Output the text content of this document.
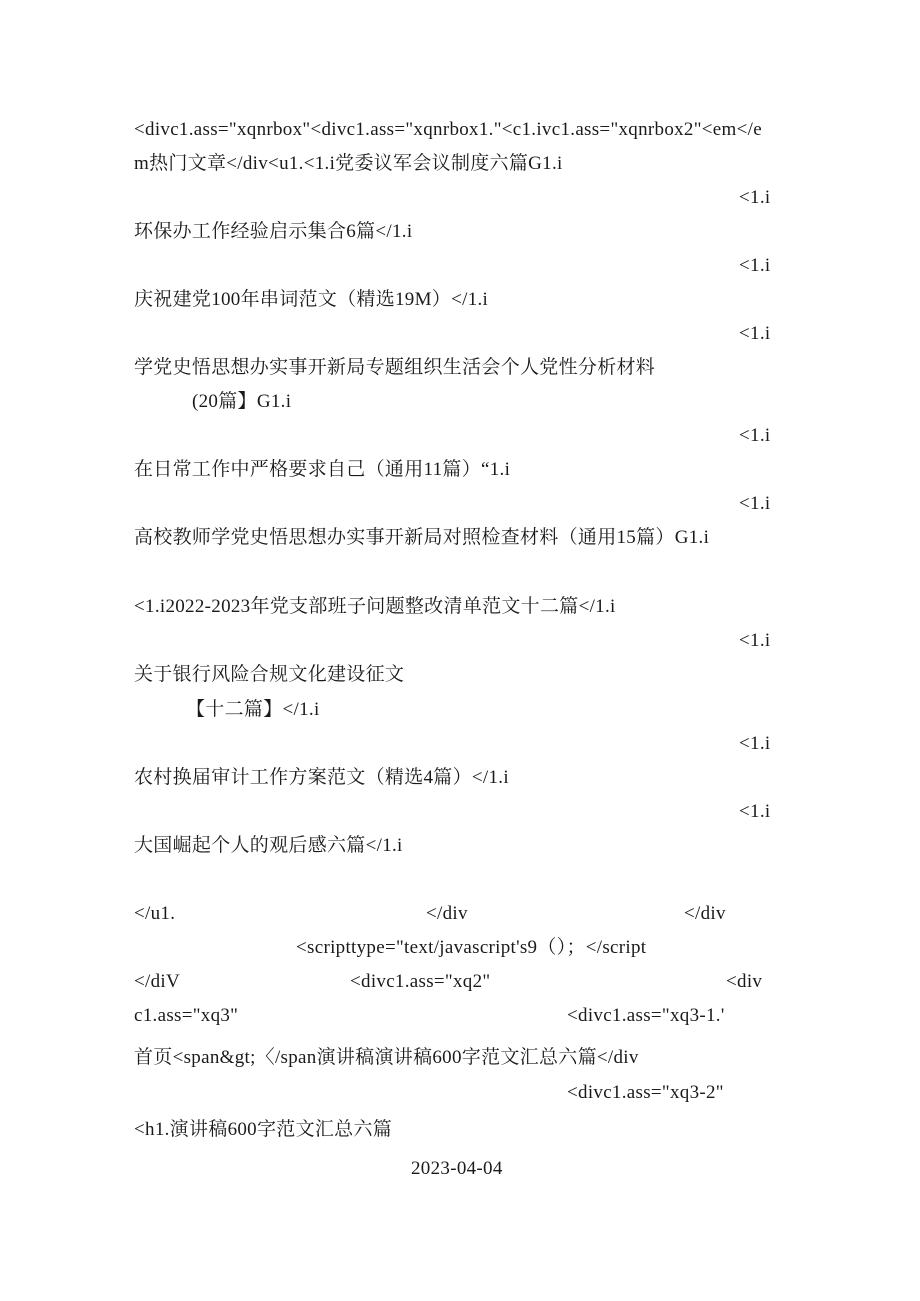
<divc1.ass="xqnrbox"<divc1.ass="xqnrbox1."<c1.ivc1.ass="xqnrbox2"<em</e
m热门文章</div<u1.<1.i党委议军会议制度六篇G1.i
<1.i
环保办工作经验启示集合6篇</1.i
<1.i
庆祝建党100年串词范文（精选19M）</1.i
<1.i
学党史悟思想办实事开新局专题组织生活会个人党性分析材料
(20篇】G1.i
<1.i
在日常工作中严格要求自己（通用11篇）“1.i
<1.i
高校教师学党史悟思想办实事开新局对照检查材料（通用15篇）G1.i
<1.i2022-2023年党支部班子问题整改清单范文十二篇</1.i
<1.i
关于银行风险合规文化建设征文
【十二篇】</1.i
<1.i
农村换届审计工作方案范文（精选4篇）</1.i
<1.i
大国崛起个人的观后感六篇</1.i
</u1.	</div	</div
<scripttype="text/javascript's9（）；</script
</diV	<divc1.ass="xq2"	<div
c1.ass="xq3"	<divc1.ass="xq3-1.'
首页<span&gt;〈/span演讲稿演讲稿600字范文汇总六篇</div
<divc1.ass="xq3-2"
<h1.演讲稿600字范文汇总六篇
2023-04-04
